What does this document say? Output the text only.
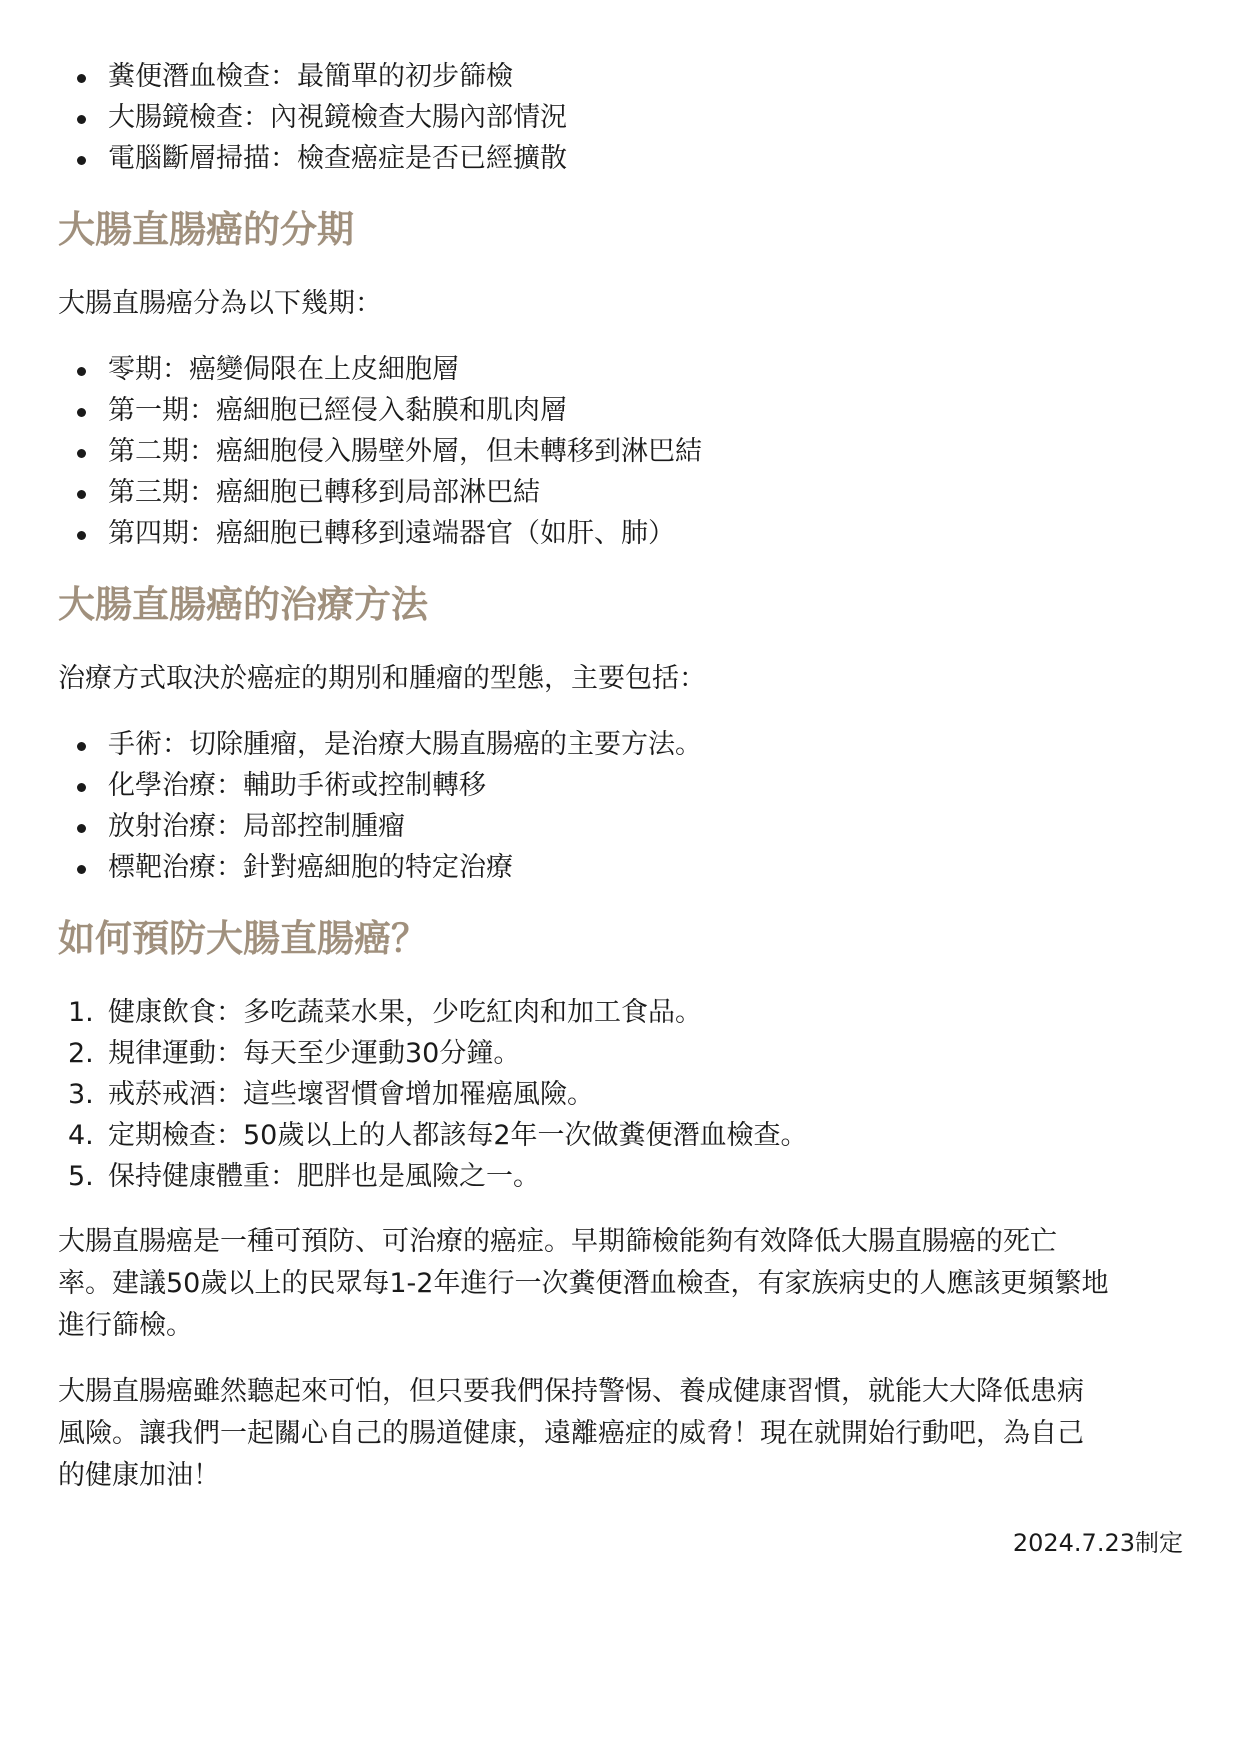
糞便潛血檢查：最簡單的初步篩檢
大腸鏡檢查：內視鏡檢查大腸內部情況
電腦斷層掃描：檢查癌症是否已經擴散
大腸直腸癌的分期

大腸直腸癌分為以下幾期：

零期：癌變侷限在上皮細胞層
第一期：癌細胞已經侵入黏膜和肌肉層
第二期：癌細胞侵入腸壁外層，但未轉移到淋巴結
第三期：癌細胞已轉移到局部淋巴結
第四期：癌細胞已轉移到遠端器官（如肝、肺）
大腸直腸癌的治療方法

治療方式取決於癌症的期別和腫瘤的型態，主要包括：

手術：切除腫瘤，是治療大腸直腸癌的主要方法。
化學治療：輔助手術或控制轉移
放射治療：局部控制腫瘤
標靶治療：針對癌細胞的特定治療
如何預防大腸直腸癌？
1. 健康飲食：多吃蔬菜水果，少吃紅肉和加工食品。
2. 規律運動：每天至少運動30分鐘。
3. 戒菸戒酒：這些壞習慣會增加罹癌風險。
4. 定期檢查：50歲以上的人都該每2年一次做糞便潛血檢查。
5. 保持健康體重：肥胖也是風險之一。

大腸直腸癌是一種可預防、可治療的癌症。早期篩檢能夠有效降低大腸直腸癌的死亡
率。建議50歲以上的民眾每1-2年進行一次糞便潛血檢查，有家族病史的人應該更頻繁地
進行篩檢。

大腸直腸癌雖然聽起來可怕，但只要我們保持警惕、養成健康習慣，就能大大降低患病
風險。讓我們一起關心自己的腸道健康，遠離癌症的威脅！現在就開始行動吧，為自己
的健康加油！

2024.7.23制定
